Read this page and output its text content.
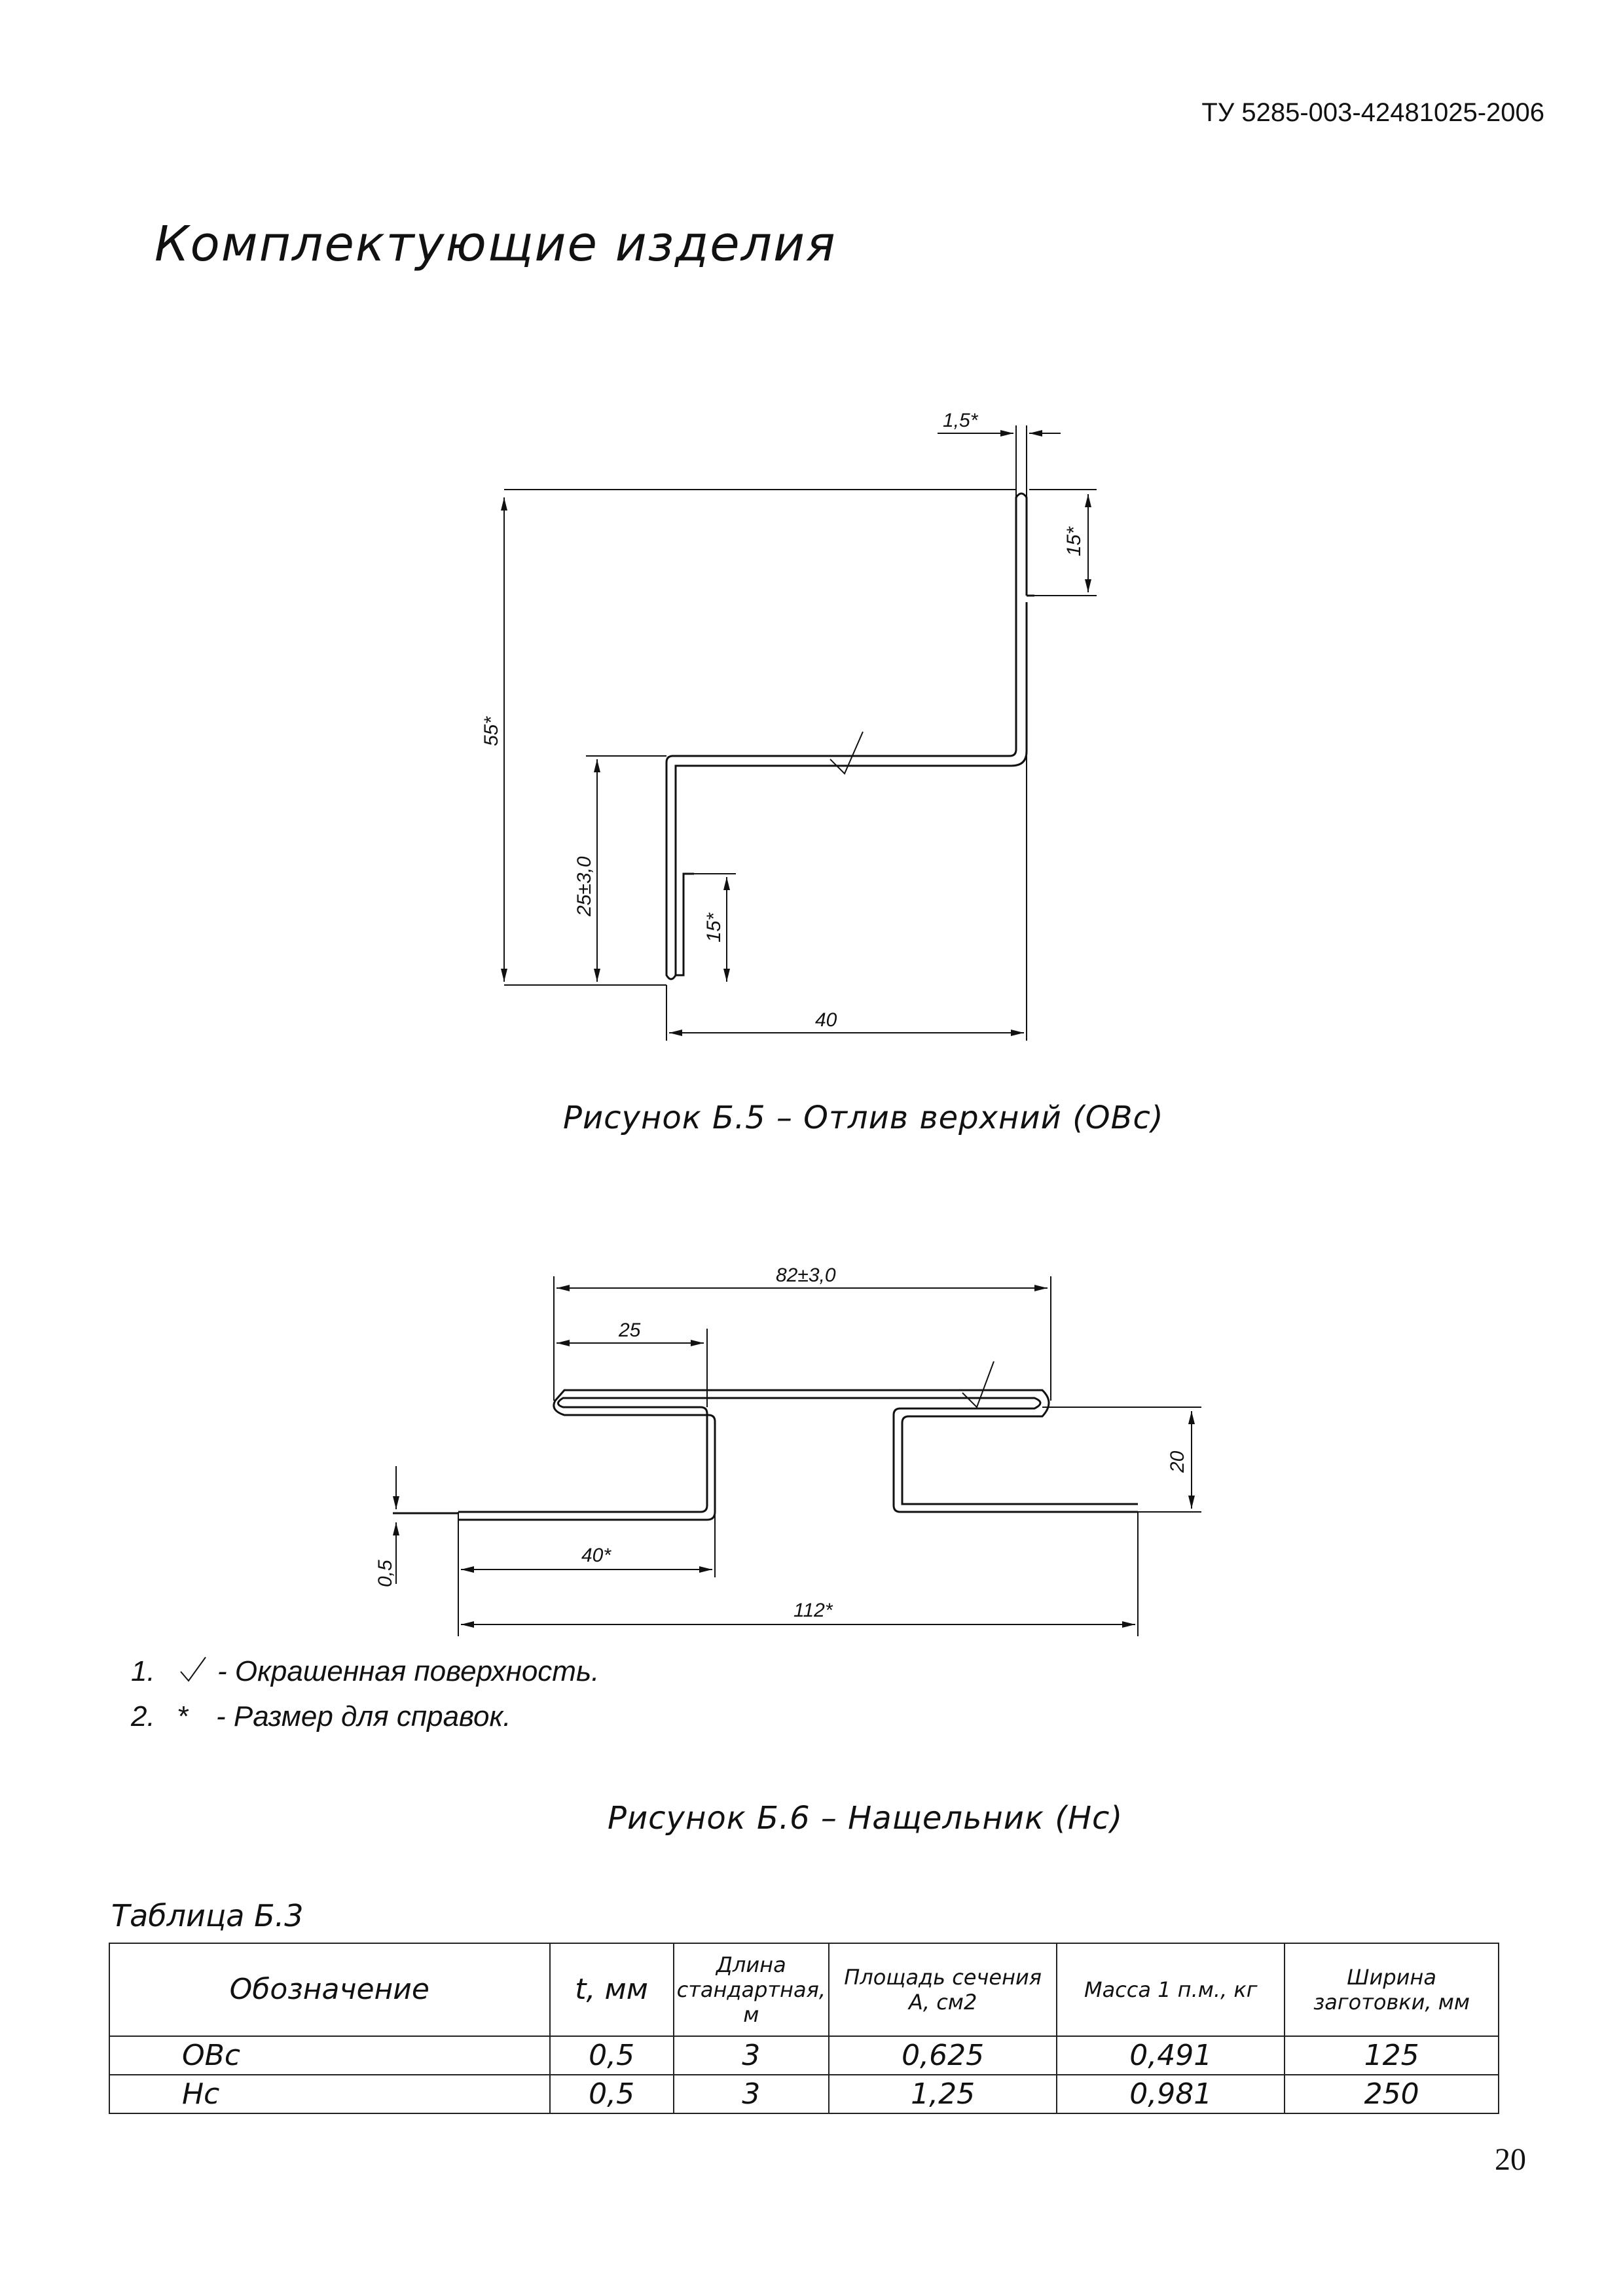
ТУ 5285-003-42481025-2006
Комплектующие изделия
1,5*
15*
55*
25±3,0
15*
40
Рисунок Б.5 – Отлив верхний (ОВс)
82±3,0
25
20
0,5
40*
112*
1. - Окрашенная поверхность.
2. * - Размер для справок.
Рисунок Б.6 – Нащельник (Нс)
Таблица Б.3
Обозначение	t, мм	Длина стандартная, м	Площадь сечения А, см2	Масса 1 п.м., кг	Ширина заготовки, мм
ОВс	0,5	3	0,625	0,491	125
Нс	0,5	3	1,25	0,981	250
20
